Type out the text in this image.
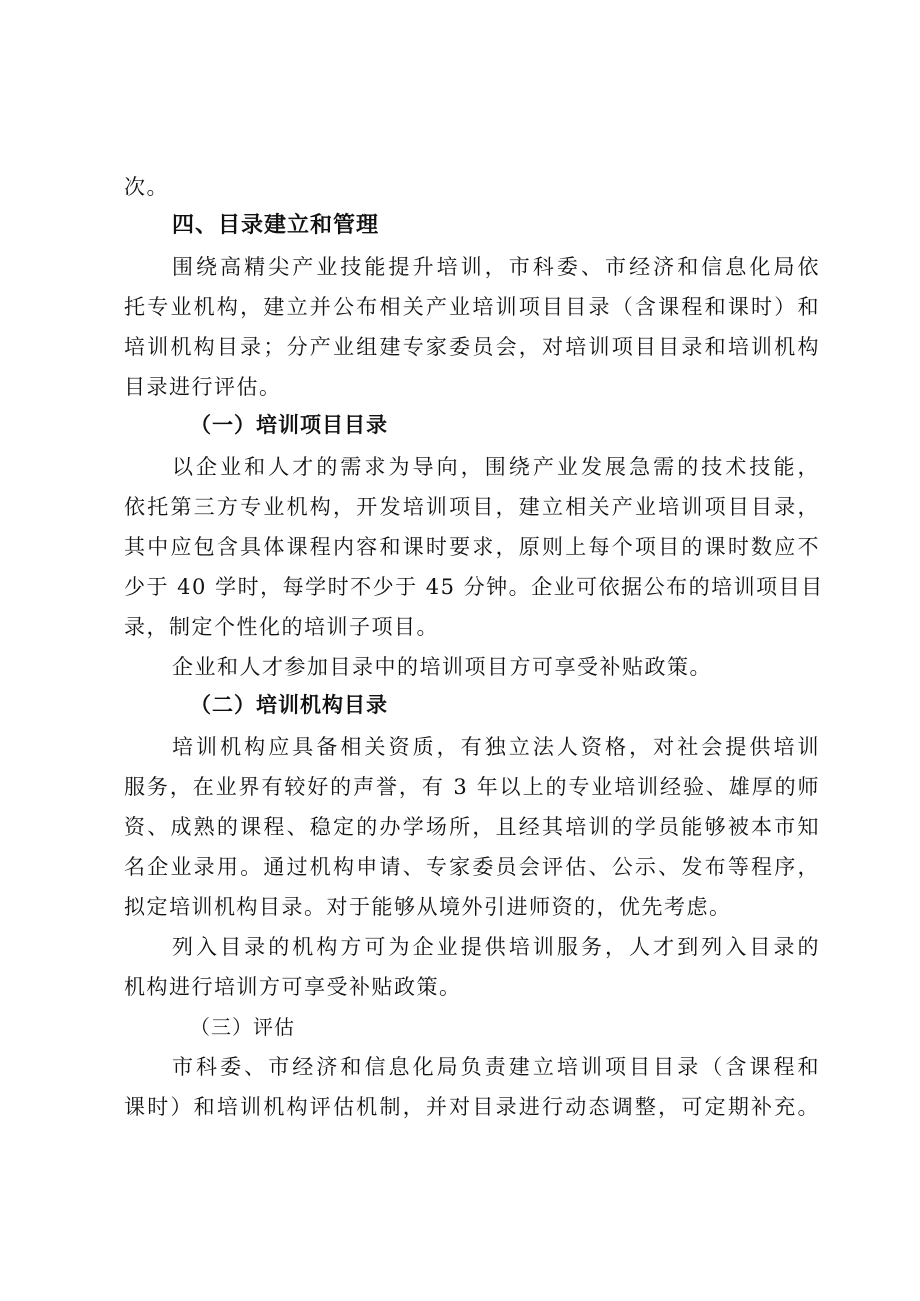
次。
四、目录建立和管理
围绕高精尖产业技能提升培训，市科委、市经济和信息化局依
托专业机构，建立并公布相关产业培训项目目录（含课程和课时）和
培训机构目录；分产业组建专家委员会，对培训项目目录和培训机构
目录进行评估。
（一）培训项目目录
以企业和人才的需求为导向，围绕产业发展急需的技术技能，
依托第三方专业机构，开发培训项目，建立相关产业培训项目目录，
其中应包含具体课程内容和课时要求，原则上每个项目的课时数应不
少于 40 学时，每学时不少于 45 分钟。企业可依据公布的培训项目目
录，制定个性化的培训子项目。
企业和人才参加目录中的培训项目方可享受补贴政策。
（二）培训机构目录
培训机构应具备相关资质，有独立法人资格，对社会提供培训
服务，在业界有较好的声誉，有 3 年以上的专业培训经验、雄厚的师
资、成熟的课程、稳定的办学场所，且经其培训的学员能够被本市知
名企业录用。通过机构申请、专家委员会评估、公示、发布等程序，
拟定培训机构目录。对于能够从境外引进师资的，优先考虑。
列入目录的机构方可为企业提供培训服务，人才到列入目录的
机构进行培训方可享受补贴政策。
（三）评估
市科委、市经济和信息化局负责建立培训项目目录（含课程和
课时）和培训机构评估机制，并对目录进行动态调整，可定期补充。
